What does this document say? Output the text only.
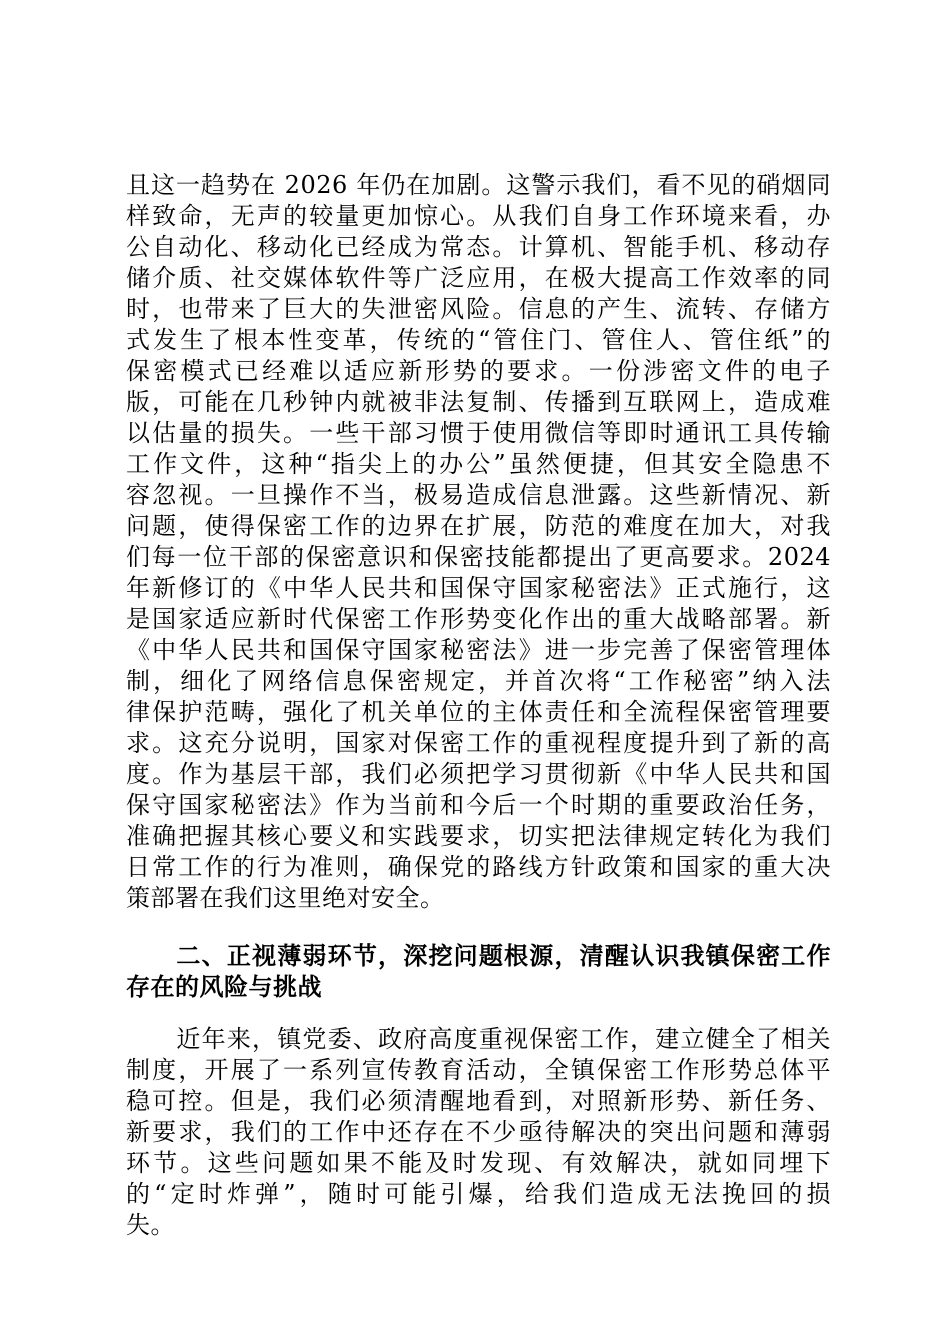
且这一趋势在 2026 年仍在加剧。这警示我们，看不见的硝烟同
样致命，无声的较量更加惊心。从我们自身工作环境来看，办
公自动化、移动化已经成为常态。计算机、智能手机、移动存
储介质、社交媒体软件等广泛应用，在极大提高工作效率的同
时，也带来了巨大的失泄密风险。信息的产生、流转、存储方
式发生了根本性变革，传统的“管住门、管住人、管住纸”的
保密模式已经难以适应新形势的要求。一份涉密文件的电子
版，可能在几秒钟内就被非法复制、传播到互联网上，造成难
以估量的损失。一些干部习惯于使用微信等即时通讯工具传输
工作文件，这种“指尖上的办公”虽然便捷，但其安全隐患不
容忽视。一旦操作不当，极易造成信息泄露。这些新情况、新
问题，使得保密工作的边界在扩展，防范的难度在加大，对我
们每一位干部的保密意识和保密技能都提出了更高要求。2024
年新修订的《中华人民共和国保守国家秘密法》正式施行，这
是国家适应新时代保密工作形势变化作出的重大战略部署。新
《中华人民共和国保守国家秘密法》进一步完善了保密管理体
制，细化了网络信息保密规定，并首次将“工作秘密”纳入法
律保护范畴，强化了机关单位的主体责任和全流程保密管理要
求。这充分说明，国家对保密工作的重视程度提升到了新的高
度。作为基层干部，我们必须把学习贯彻新《中华人民共和国
保守国家秘密法》作为当前和今后一个时期的重要政治任务，
准确把握其核心要义和实践要求，切实把法律规定转化为我们
日常工作的行为准则，确保党的路线方针政策和国家的重大决
策部署在我们这里绝对安全。
　　二、正视薄弱环节，深挖问题根源，清醒认识我镇保密工作
存在的风险与挑战
　　近年来，镇党委、政府高度重视保密工作，建立健全了相关
制度，开展了一系列宣传教育活动，全镇保密工作形势总体平
稳可控。但是，我们必须清醒地看到，对照新形势、新任务、
新要求，我们的工作中还存在不少亟待解决的突出问题和薄弱
环节。这些问题如果不能及时发现、有效解决，就如同埋下
的“定时炸弹”，随时可能引爆，给我们造成无法挽回的损
失。
